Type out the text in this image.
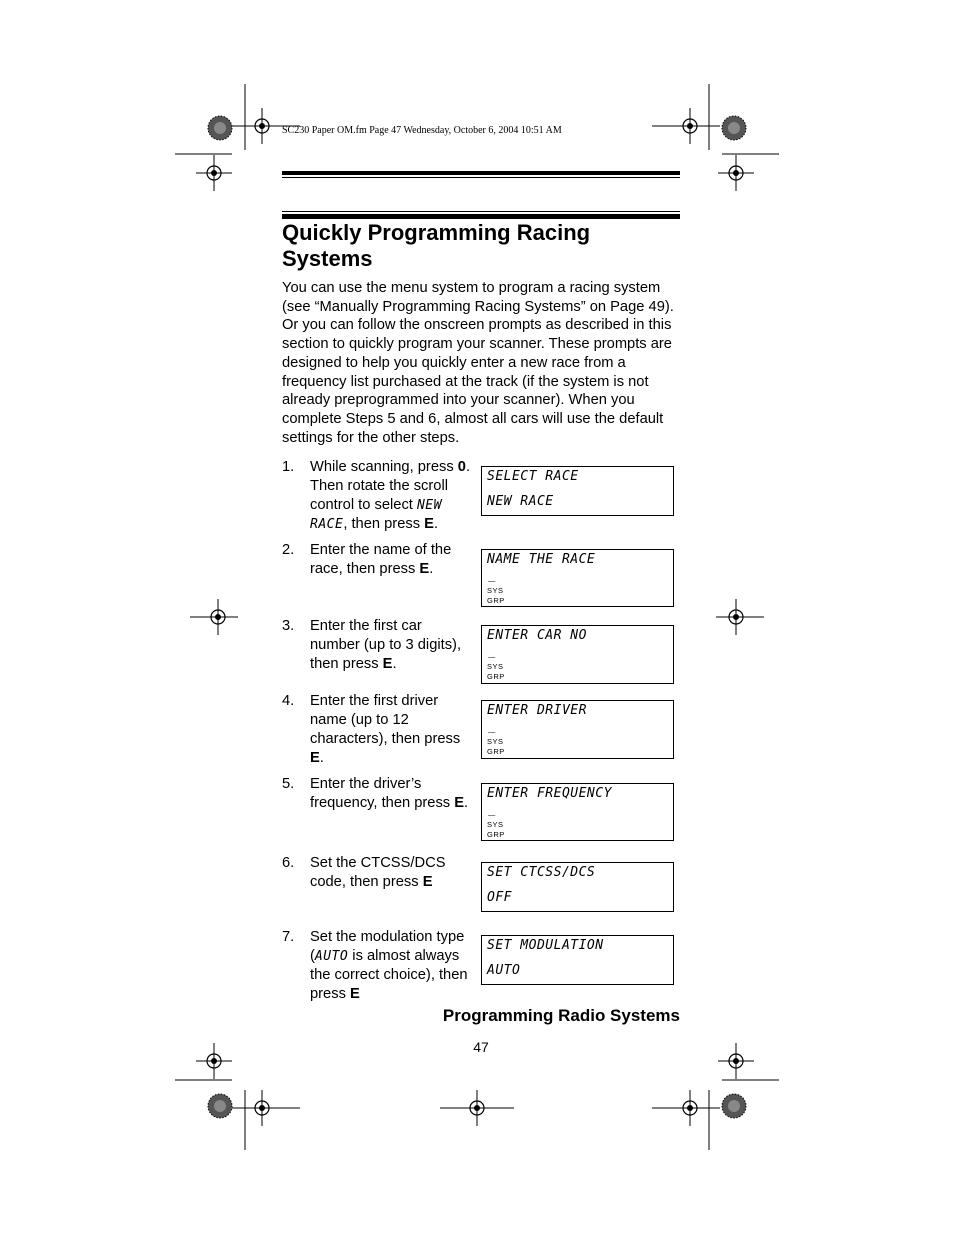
SC230 Paper OM.fm Page 47 Wednesday, October 6, 2004 10:51 AM
Quickly Programming Racing Systems
You can use the menu system to program a racing system (see “Manually Programming Racing Systems” on Page 49). Or you can follow the onscreen prompts as described in this section to quickly program your scanner. These prompts are designed to help you quickly enter a new race from a frequency list purchased at the track (if the system is not already preprogrammed into your scanner). When you complete Steps 5 and 6, almost all cars will use the default settings for the other steps.
1. While scanning, press 0. Then rotate the scroll control to select NEW RACE, then press E.
2. Enter the name of the race, then press E.
3. Enter the first car number (up to 3 digits), then press E.
4. Enter the first driver name (up to 12 characters), then press E.
5. Enter the driver’s frequency, then press E.
6. Set the CTCSS/DCS code, then press E
7. Set the modulation type (AUTO is almost always the correct choice), then press E
SELECT RACE
NEW RACE
NAME THE RACE
_
SYS
GRP
ENTER CAR NO
_
SYS
GRP
ENTER DRIVER
_
SYS
GRP
ENTER FREQUENCY
_
SYS
GRP
SET CTCSS/DCS
OFF
SET MODULATION
AUTO
Programming Radio Systems
47
